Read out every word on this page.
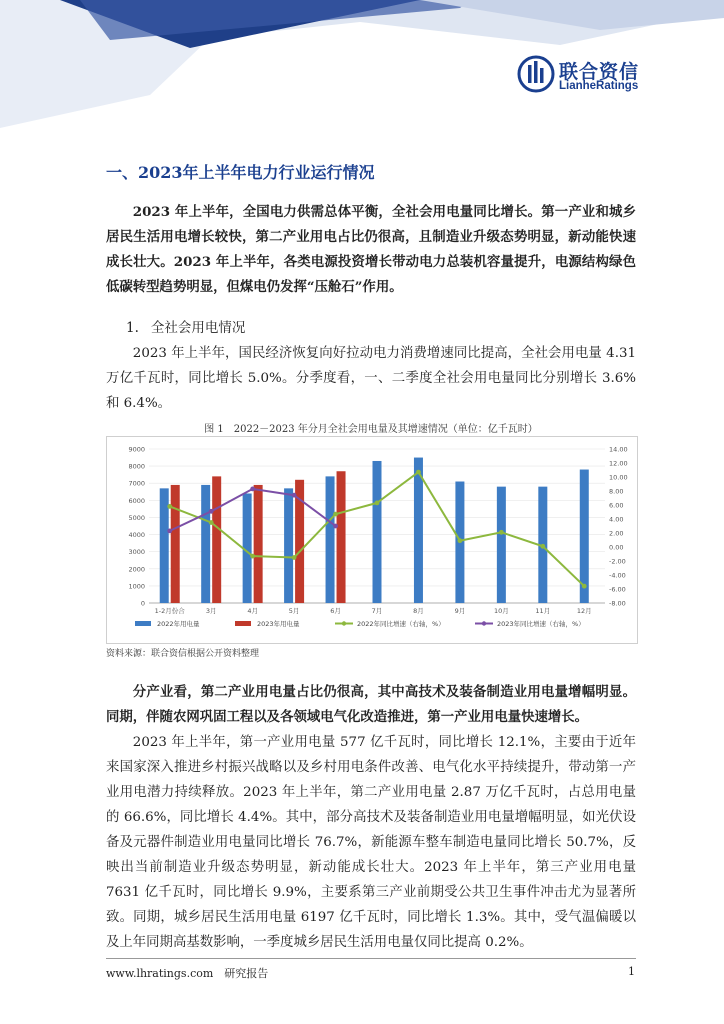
联合资信
LianheRatings
一、2023年上半年电力行业运行情况

2023 年上半年，全国电力供需总体平衡，全社会用电量同比增长。第一产业和城乡居民生活用电增长较快，第二产业用电占比仍很高，且制造业升级态势明显，新动能快速成长壮大。2023 年上半年，各类电源投资增长带动电力总装机容量提升，电源结构绿色低碳转型趋势明显，但煤电仍发挥“压舱石”作用。

1. 全社会用电情况

2023 年上半年，国民经济恢复向好拉动电力消费增速同比提高，全社会用电量 4.31 万亿千瓦时，同比增长 5.0%。分季度看，一、二季度全社会用电量同比分别增长 3.6%和 6.4%。

图 1　2022－2023 年分月全社会用电量及其增速情况（单位：亿千瓦时）
0
1000
2000
3000
4000
5000
6000
7000
8000
9000
-8.00
-6.00
-4.00
-2.00
0.00
2.00
4.00
6.00
8.00
10.00
12.00
14.00
1-2月份合	3月	4月	5月	6月	7月	8月	9月	10月	11月	12月
2022年用电量	2023年用电量	2022年同比增速（右轴，%）	2023年同比增速（右轴，%）
资料来源：联合资信根据公开资料整理

分产业看，第二产业用电量占比仍很高，其中高技术及装备制造业用电量增幅明显。同期，伴随农网巩固工程以及各领域电气化改造推进，第一产业用电量快速增长。

2023 年上半年，第一产业用电量 577 亿千瓦时，同比增长 12.1%，主要由于近年来国家深入推进乡村振兴战略以及乡村用电条件改善、电气化水平持续提升，带动第一产业用电潜力持续释放。2023 年上半年，第二产业用电量 2.87 万亿千瓦时，占总用电量的 66.6%，同比增长 4.4%。其中，部分高技术及装备制造业用电量增幅明显，如光伏设备及元器件制造业用电量同比增长 76.7%，新能源车整车制造电量同比增长 50.7%，反映出当前制造业升级态势明显，新动能成长壮大。2023 年上半年，第三产业用电量 7631 亿千瓦时，同比增长 9.9%，主要系第三产业前期受公共卫生事件冲击尤为显著所致。同期，城乡居民生活用电量 6197 亿千瓦时，同比增长 1.3%。其中，受气温偏暖以及上年同期高基数影响，一季度城乡居民生活用电量仅同比提高 0.2%。

www.lhratings.com　 研究报告	1
